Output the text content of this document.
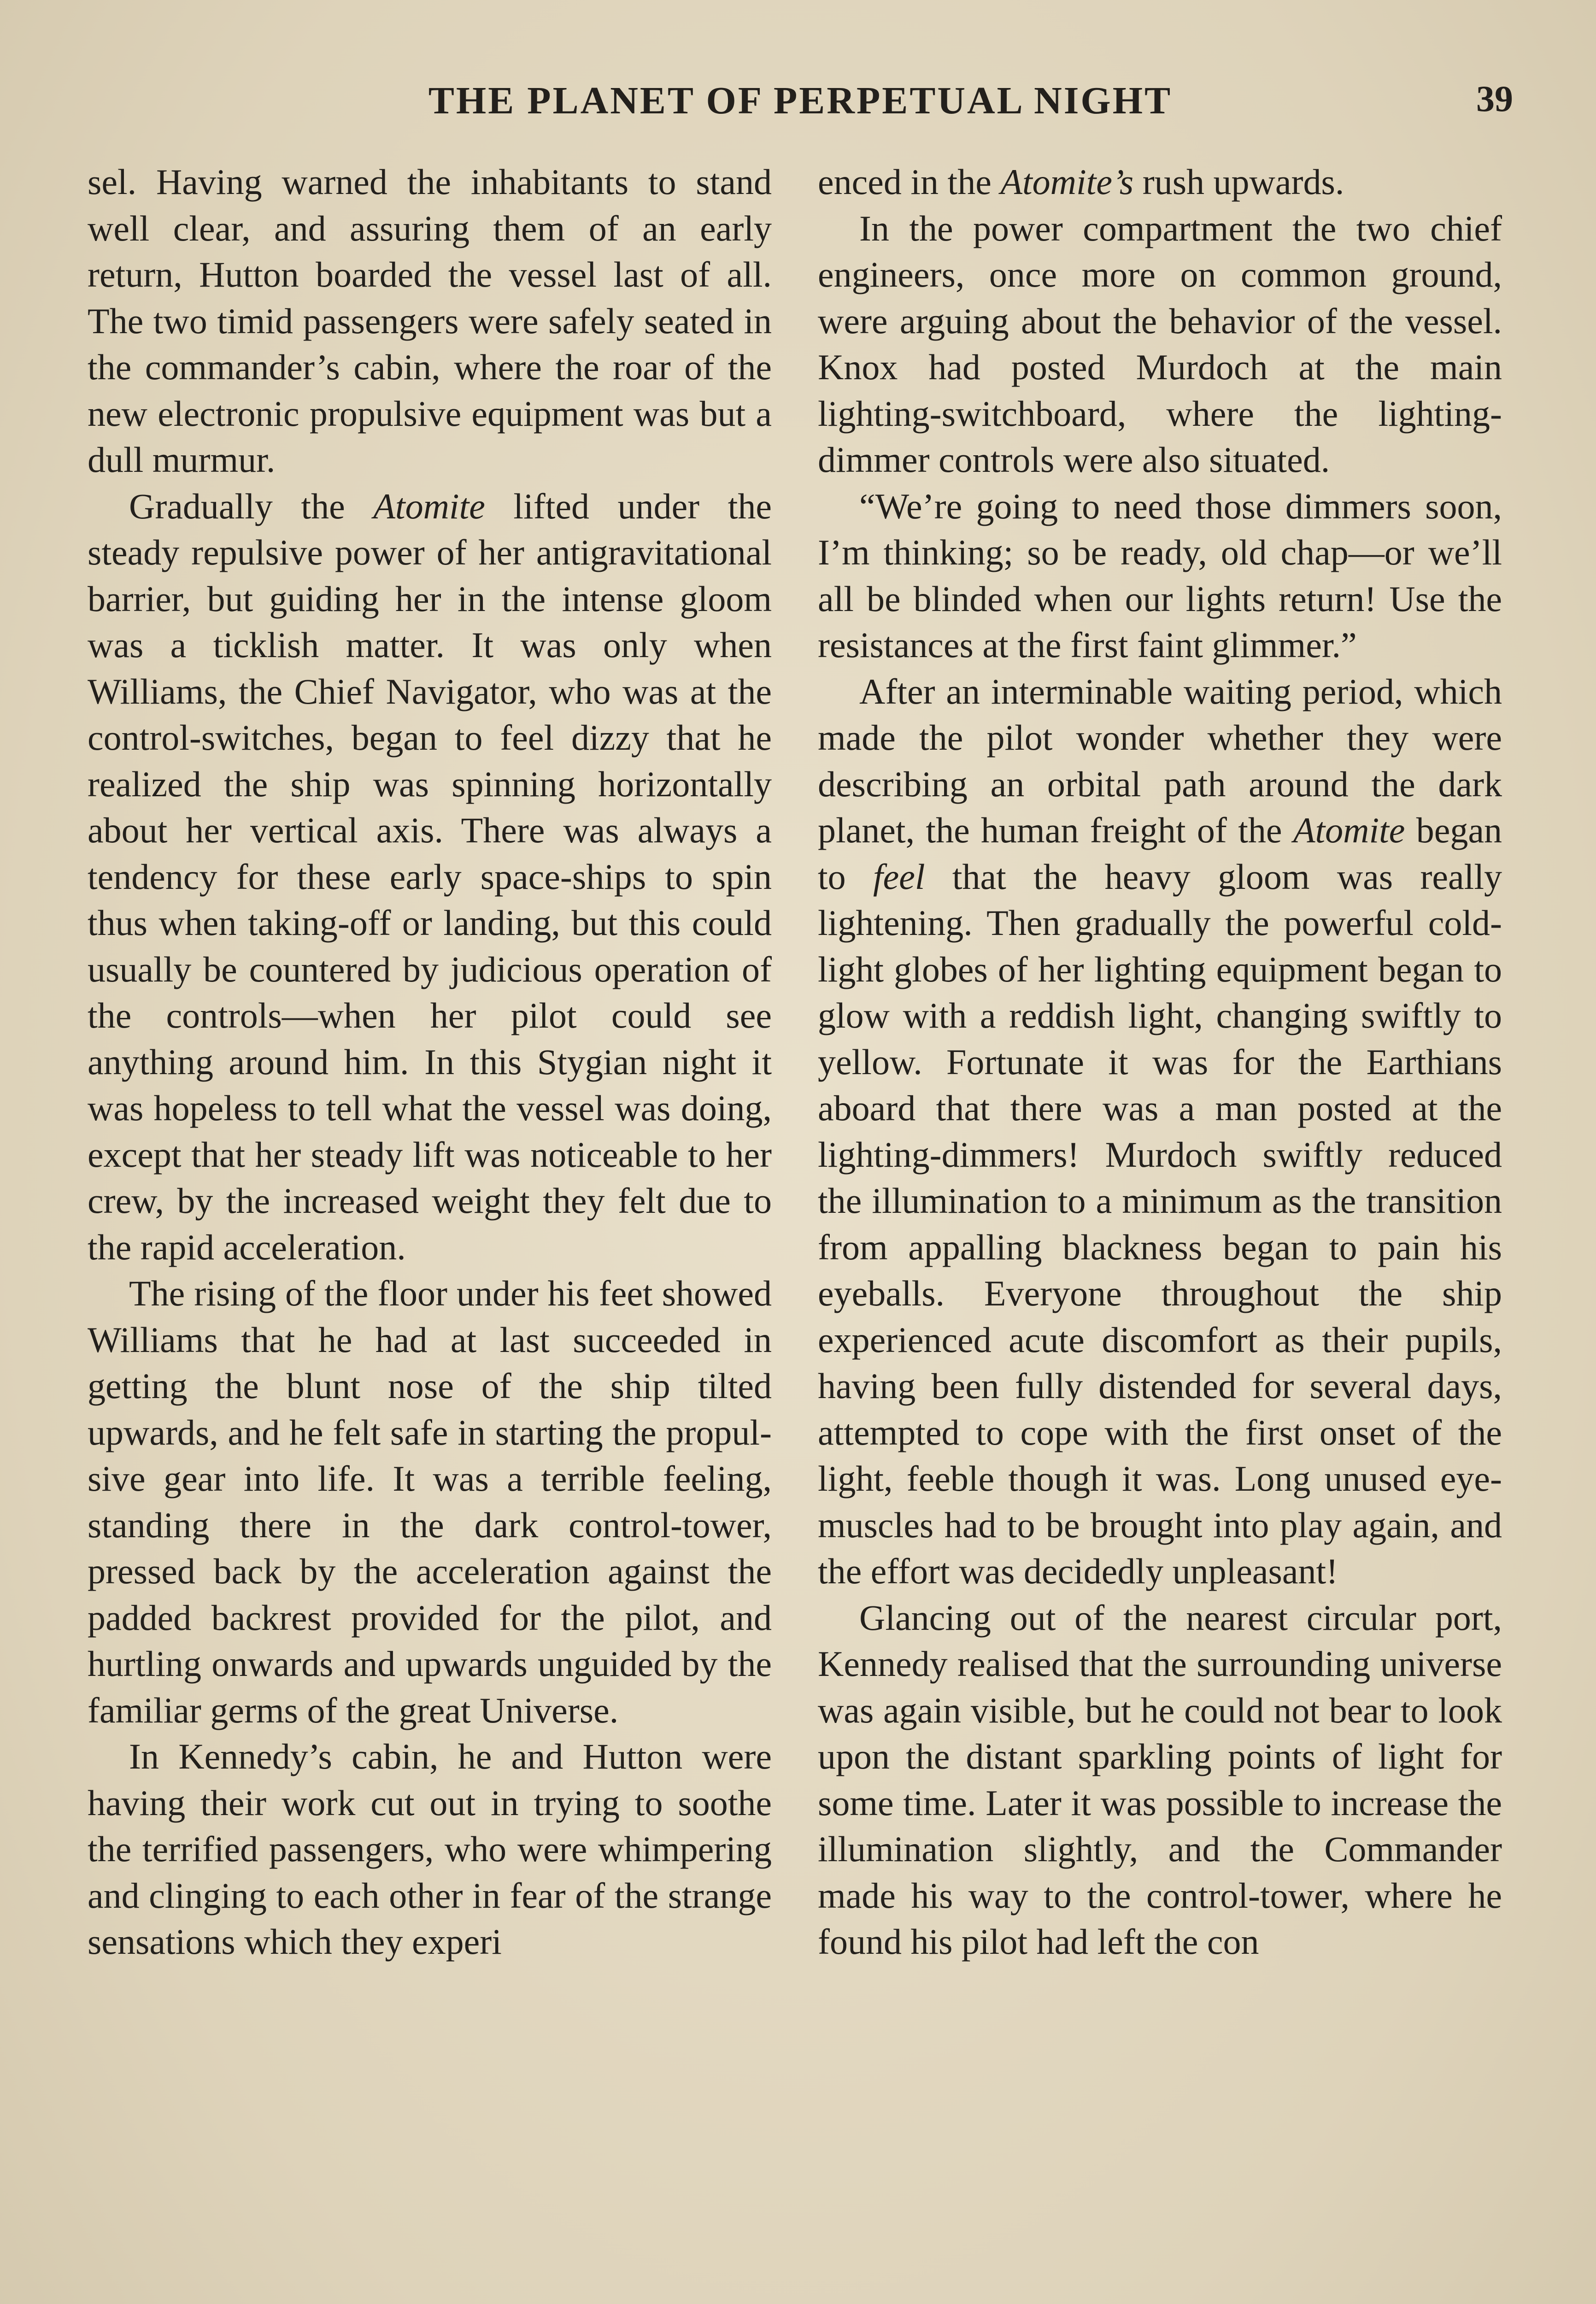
THE PLANET OF PERPETUAL NIGHT	39

sel. Having warned the inhabitants to stand well clear, and assuring them of an early return, Hutton boarded the vessel last of all. The two timid passengers were safely seated in the commander’s cabin, where the roar of the new electronic propulsive equipment was but a dull murmur.

Gradually the Atomite lifted under the steady repulsive power of her antigravitational barrier, but guiding her in the intense gloom was a ticklish matter. It was only when Williams, the Chief Navigator, who was at the control-switches, began to feel dizzy that he realized the ship was spinning horizontally about her vertical axis. There was always a tendency for these early space-ships to spin thus when taking-off or landing, but this could usually be countered by judicious operation of the controls—when her pilot could see anything around him. In this Stygian night it was hopeless to tell what the vessel was doing, except that her steady lift was noticeable to her crew, by the increased weight they felt due to the rapid acceleration.

The rising of the floor under his feet showed Williams that he had at last succeeded in getting the blunt nose of the ship tilted upwards, and he felt safe in starting the propulsive gear into life. It was a terrible feeling, standing there in the dark control-tower, pressed back by the acceleration against the padded backrest provided for the pilot, and hurtling onwards and upwards unguided by the familiar germs of the great Universe.

In Kennedy’s cabin, he and Hutton were having their work cut out in trying to soothe the terrified passengers, who were whimpering and clinging to each other in fear of the strange sensations which they experi

enced in the Atomite’s rush upwards.

In the power compartment the two chief engineers, once more on common ground, were arguing about the behavior of the vessel. Knox had posted Murdoch at the main lighting-switchboard, where the lighting-dimmer controls were also situated.

“We’re going to need those dimmers soon, I’m thinking; so be ready, old chap—or we’ll all be blinded when our lights return! Use the resistances at the first faint glimmer.”

After an interminable waiting period, which made the pilot wonder whether they were describing an orbital path around the dark planet, the human freight of the Atomite began to feel that the heavy gloom was really lightening. Then gradually the powerful cold-light globes of her lighting equipment began to glow with a reddish light, changing swiftly to yellow. Fortunate it was for the Earthians aboard that there was a man posted at the lighting-dimmers! Murdoch swiftly reduced the illumination to a minimum as the transition from appalling blackness began to pain his eyeballs. Everyone throughout the ship experienced acute discomfort as their pupils, having been fully distended for several days, attempted to cope with the first onset of the light, feeble though it was. Long unused eye-muscles had to be brought into play again, and the effort was decidedly unpleasant!

Glancing out of the nearest circular port, Kennedy realised that the surrounding universe was again visible, but he could not bear to look upon the distant sparkling points of light for some time. Later it was possible to increase the illumination slightly, and the Commander made his way to the control-tower, where he found his pilot had left the con
